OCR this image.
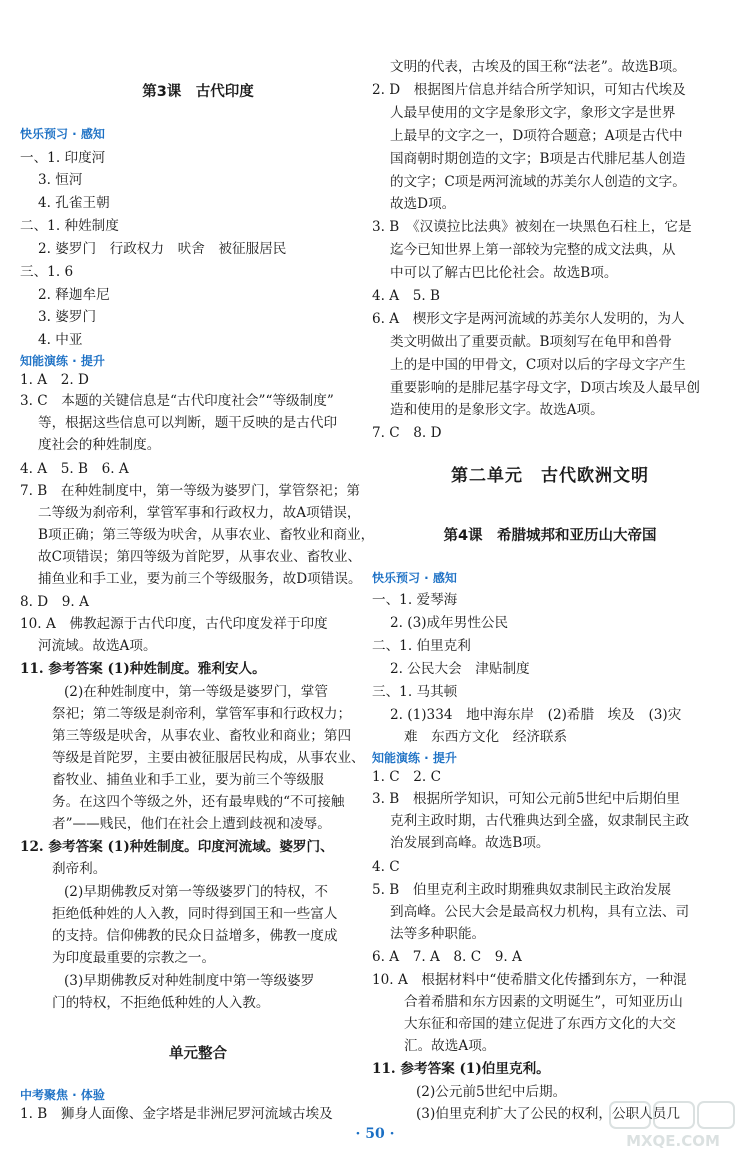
第3课　古代印度
快乐预习 · 感知
一、1. 印度河
3. 恒河
4. 孔雀王朝
二、1. 种姓制度
2. 婆罗门　行政权力　吠舍　被征服居民
三、1. 6
2. 释迦牟尼
3. 婆罗门
4. 中亚
知能演练 · 提升
1. A　2. D
3. C　本题的关键信息是“古代印度社会”“等级制度”
等，根据这些信息可以判断，题干反映的是古代印
度社会的种姓制度。
4. A　5. B　6. A
7. B　在种姓制度中，第一等级为婆罗门，掌管祭祀；第
二等级为刹帝利，掌管军事和行政权力，故A项错误，
B项正确；第三等级为吠舍，从事农业、畜牧业和商业，
故C项错误；第四等级为首陀罗，从事农业、畜牧业、
捕鱼业和手工业，要为前三个等级服务，故D项错误。
8. D　9. A
10. A　佛教起源于古代印度，古代印度发祥于印度
河流域。故选A项。
11. 参考答案 (1)种姓制度。雅利安人。
(2)在种姓制度中，第一等级是婆罗门，掌管
祭祀；第二等级是刹帝利，掌管军事和行政权力；
第三等级是吠舍，从事农业、畜牧业和商业；第四
等级是首陀罗，主要由被征服居民构成，从事农业、
畜牧业、捕鱼业和手工业，要为前三个等级服
务。在这四个等级之外，还有最卑贱的“不可接触
者”——贱民，他们在社会上遭到歧视和凌辱。
12. 参考答案 (1)种姓制度。印度河流域。婆罗门、
刹帝利。
(2)早期佛教反对第一等级婆罗门的特权，不
拒绝低种姓的人入教，同时得到国王和一些富人
的支持。信仰佛教的民众日益增多，佛教一度成
为印度最重要的宗教之一。
(3)早期佛教反对种姓制度中第一等级婆罗
门的特权，不拒绝低种姓的人入教。
单元整合
中考聚焦 · 体验
1. B　狮身人面像、金字塔是非洲尼罗河流域古埃及
文明的代表，古埃及的国王称“法老”。故选B项。
2. D　根据图片信息并结合所学知识，可知古代埃及
人最早使用的文字是象形文字，象形文字是世界
上最早的文字之一，D项符合题意；A项是古代中
国商朝时期创造的文字；B项是古代腓尼基人创造
的文字；C项是两河流域的苏美尔人创造的文字。
故选D项。
3. B　《汉谟拉比法典》被刻在一块黑色石柱上，它是
迄今已知世界上第一部较为完整的成文法典，从
中可以了解古巴比伦社会。故选B项。
4. A　5. B
6. A　楔形文字是两河流域的苏美尔人发明的，为人
类文明做出了重要贡献。B项刻写在龟甲和兽骨
上的是中国的甲骨文，C项对以后的字母文字产生
重要影响的是腓尼基字母文字，D项古埃及人最早创
造和使用的是象形文字。故选A项。
7. C　8. D
第二单元　古代欧洲文明
第4课　希腊城邦和亚历山大帝国
快乐预习 · 感知
一、1. 爱琴海
2. (3)成年男性公民
二、1. 伯里克利
2. 公民大会　津贴制度
三、1. 马其顿
2. (1)334　地中海东岸　(2)希腊　埃及　(3)灾
难　东西方文化　经济联系
知能演练 · 提升
1. C　2. C
3. B　根据所学知识，可知公元前5世纪中后期伯里
克利主政时期，古代雅典达到全盛，奴隶制民主政
治发展到高峰。故选B项。
4. C
5. B　伯里克利主政时期雅典奴隶制民主政治发展
到高峰。公民大会是最高权力机构，具有立法、司
法等多种职能。
6. A　7. A　8. C　9. A
10. A　根据材料中“使希腊文化传播到东方，一种混
合着希腊和东方因素的文明诞生”，可知亚历山
大东征和帝国的建立促进了东西方文化的大交
汇。故选A项。
11. 参考答案 (1)伯里克利。
(2)公元前5世纪中后期。
(3)伯里克利扩大了公民的权利，公职人员几
· 50 ·	MXQE.COM
